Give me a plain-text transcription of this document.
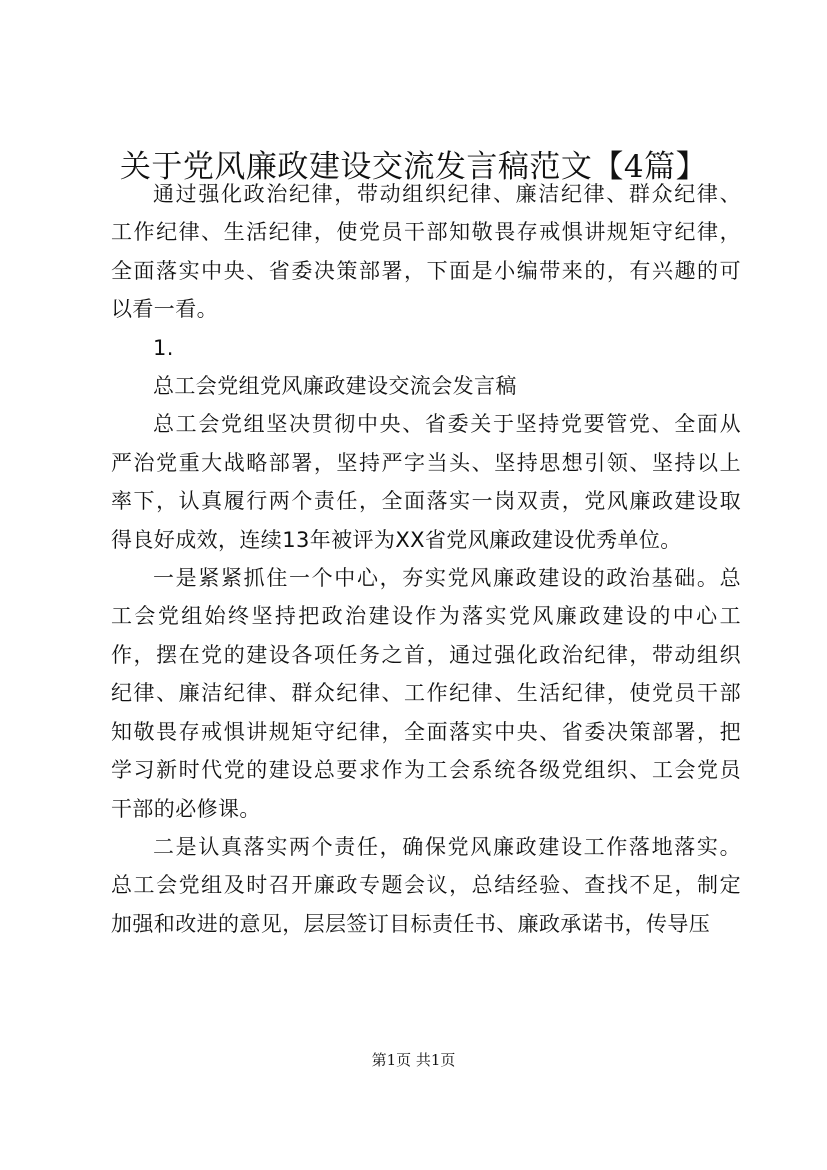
关于党风廉政建设交流发言稿范文【4篇】
通过强化政治纪律，带动组织纪律、廉洁纪律、群众纪律、
工作纪律、生活纪律，使党员干部知敬畏存戒惧讲规矩守纪律，
全面落实中央、省委决策部署，下面是小编带来的，有兴趣的可
以看一看。
1.
总工会党组党风廉政建设交流会发言稿
总工会党组坚决贯彻中央、省委关于坚持党要管党、全面从
严治党重大战略部署，坚持严字当头、坚持思想引领、坚持以上
率下，认真履行两个责任，全面落实一岗双责，党风廉政建设取
得良好成效，连续13年被评为XX省党风廉政建设优秀单位。
一是紧紧抓住一个中心，夯实党风廉政建设的政治基础。总
工会党组始终坚持把政治建设作为落实党风廉政建设的中心工
作，摆在党的建设各项任务之首，通过强化政治纪律，带动组织
纪律、廉洁纪律、群众纪律、工作纪律、生活纪律，使党员干部
知敬畏存戒惧讲规矩守纪律，全面落实中央、省委决策部署，把
学习新时代党的建设总要求作为工会系统各级党组织、工会党员
干部的必修课。
二是认真落实两个责任，确保党风廉政建设工作落地落实。
总工会党组及时召开廉政专题会议，总结经验、查找不足，制定
加强和改进的意见，层层签订目标责任书、廉政承诺书，传导压
第1页 共1页
